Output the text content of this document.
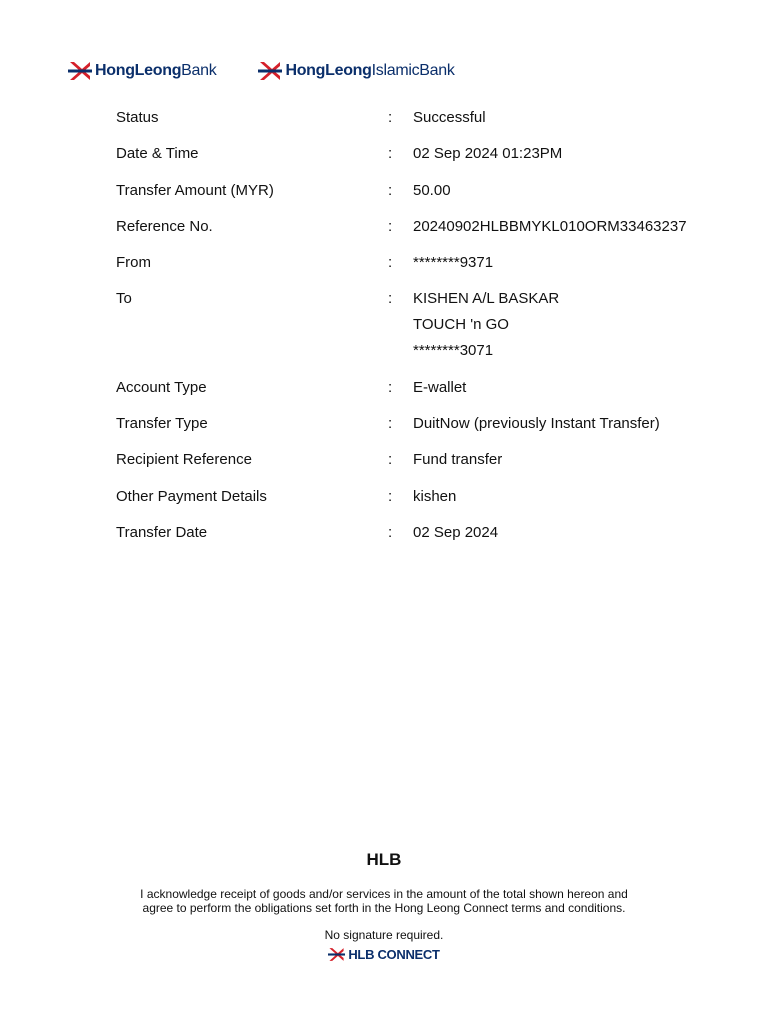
HongLeongBank	HongLeongIslamicBank
Status	:	Successful
Date & Time	:	02 Sep 2024 01:23PM
Transfer Amount (MYR)	:	50.00
Reference No.	:	20240902HLBBMYKL010ORM33463237
From	:	********9371
To	:	KISHEN A/L BASKAR
TOUCH 'n GO
********3071
Account Type	:	E-wallet
Transfer Type	:	DuitNow (previously Instant Transfer)
Recipient Reference	:	Fund transfer
Other Payment Details	:	kishen
Transfer Date	:	02 Sep 2024
HLB
I acknowledge receipt of goods and/or services in the amount of the total shown hereon and agree to perform the obligations set forth in the Hong Leong Connect terms and conditions.
No signature required.
HLB CONNECT
